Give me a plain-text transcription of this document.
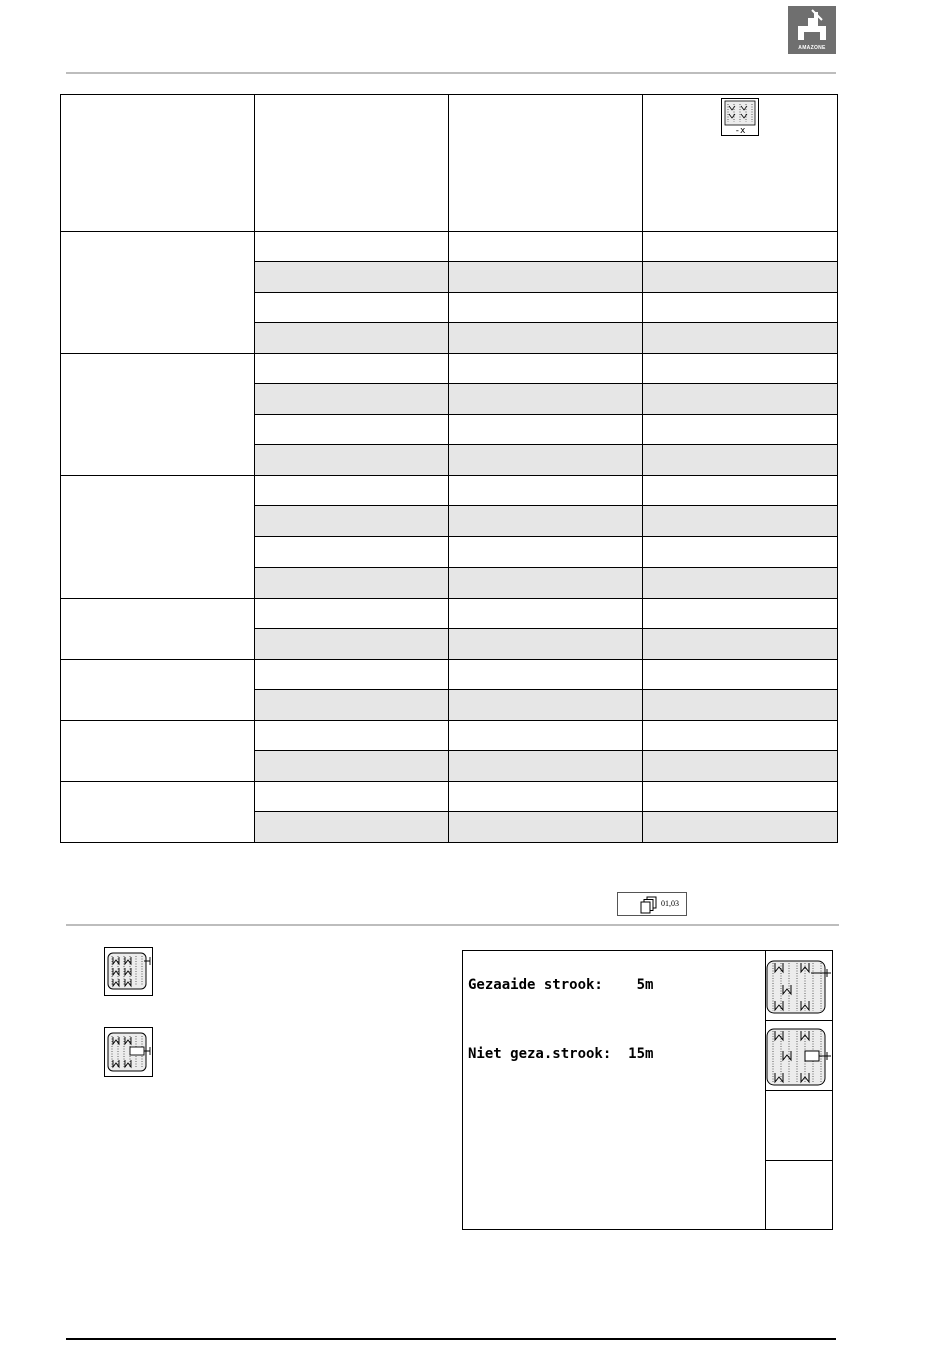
AMAZONE

-x

01,03
Gezaaide strook:    5m
Niet geza.strook:  15m
